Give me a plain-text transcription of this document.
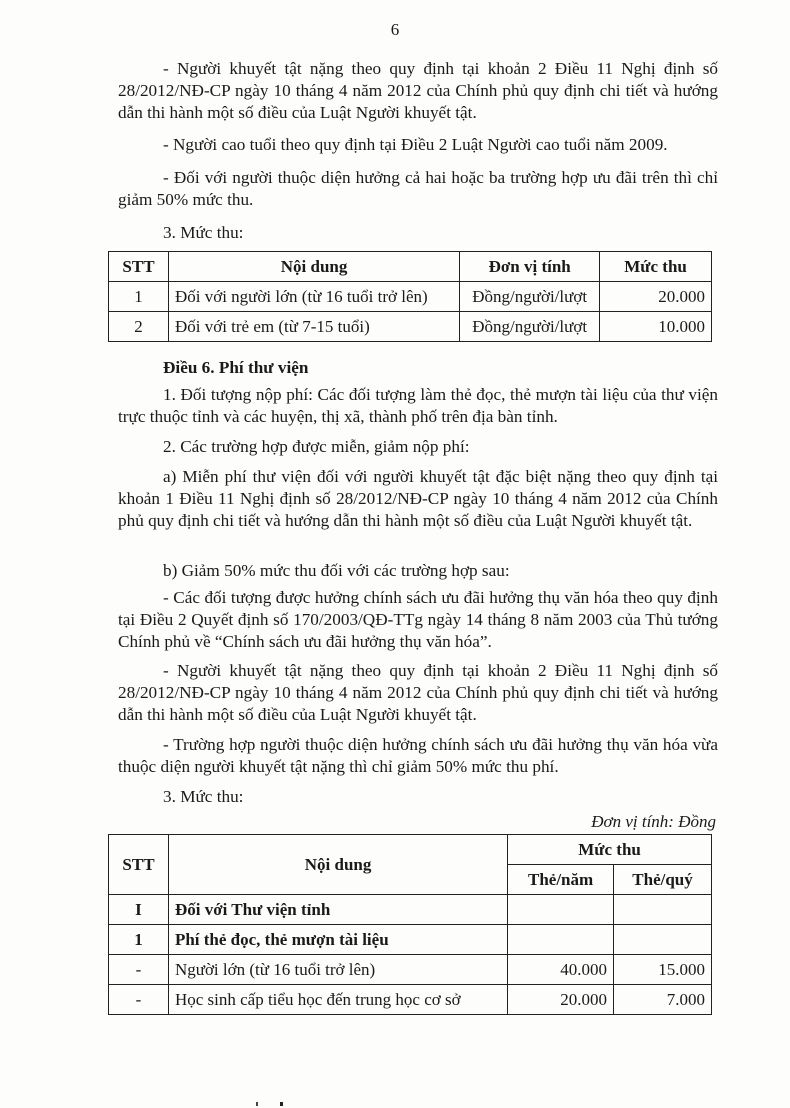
6
- Người khuyết tật nặng theo quy định tại khoản 2 Điều 11 Nghị định số 28/2012/NĐ-CP ngày 10 tháng 4 năm 2012 của Chính phủ quy định chi tiết và hướng dẫn thi hành một số điều của Luật Người khuyết tật.
- Người cao tuổi theo quy định tại Điều 2 Luật Người cao tuổi năm 2009.
- Đối với người thuộc diện hưởng cả hai hoặc ba trường hợp ưu đãi trên thì chỉ giảm 50% mức thu.
3. Mức thu:
STT	Nội dung	Đơn vị tính	Mức thu
1	Đối với người lớn (từ 16 tuổi trở lên)	Đồng/người/lượt	20.000
2	Đối với trẻ em (từ 7-15 tuổi)	Đồng/người/lượt	10.000
Điều 6. Phí thư viện
1. Đối tượng nộp phí: Các đối tượng làm thẻ đọc, thẻ mượn tài liệu của thư viện trực thuộc tỉnh và các huyện, thị xã, thành phố trên địa bàn tỉnh.
2. Các trường hợp được miễn, giảm nộp phí:
a) Miễn phí thư viện đối với người khuyết tật đặc biệt nặng theo quy định tại khoản 1 Điều 11 Nghị định số 28/2012/NĐ-CP ngày 10 tháng 4 năm 2012 của Chính phủ quy định chi tiết và hướng dẫn thi hành một số điều của Luật Người khuyết tật.
b) Giảm 50% mức thu đối với các trường hợp sau:
- Các đối tượng được hưởng chính sách ưu đãi hưởng thụ văn hóa theo quy định tại Điều 2 Quyết định số 170/2003/QĐ-TTg ngày 14 tháng 8 năm 2003 của Thủ tướng Chính phủ về “Chính sách ưu đãi hưởng thụ văn hóa”.
- Người khuyết tật nặng theo quy định tại khoản 2 Điều 11 Nghị định số 28/2012/NĐ-CP ngày 10 tháng 4 năm 2012 của Chính phủ quy định chi tiết và hướng dẫn thi hành một số điều của Luật Người khuyết tật.
- Trường hợp người thuộc diện hưởng chính sách ưu đãi hưởng thụ văn hóa vừa thuộc diện người khuyết tật nặng thì chỉ giảm 50% mức thu phí.
3. Mức thu:
Đơn vị tính: Đồng
STT	Nội dung	Mức thu	
		Thẻ/năm	Thẻ/quý
I	Đối với Thư viện tỉnh		
1	Phí thẻ đọc, thẻ mượn tài liệu		
-	Người lớn (từ 16 tuổi trở lên)	40.000	15.000
-	Học sinh cấp tiểu học đến trung học cơ sở	20.000	7.000
